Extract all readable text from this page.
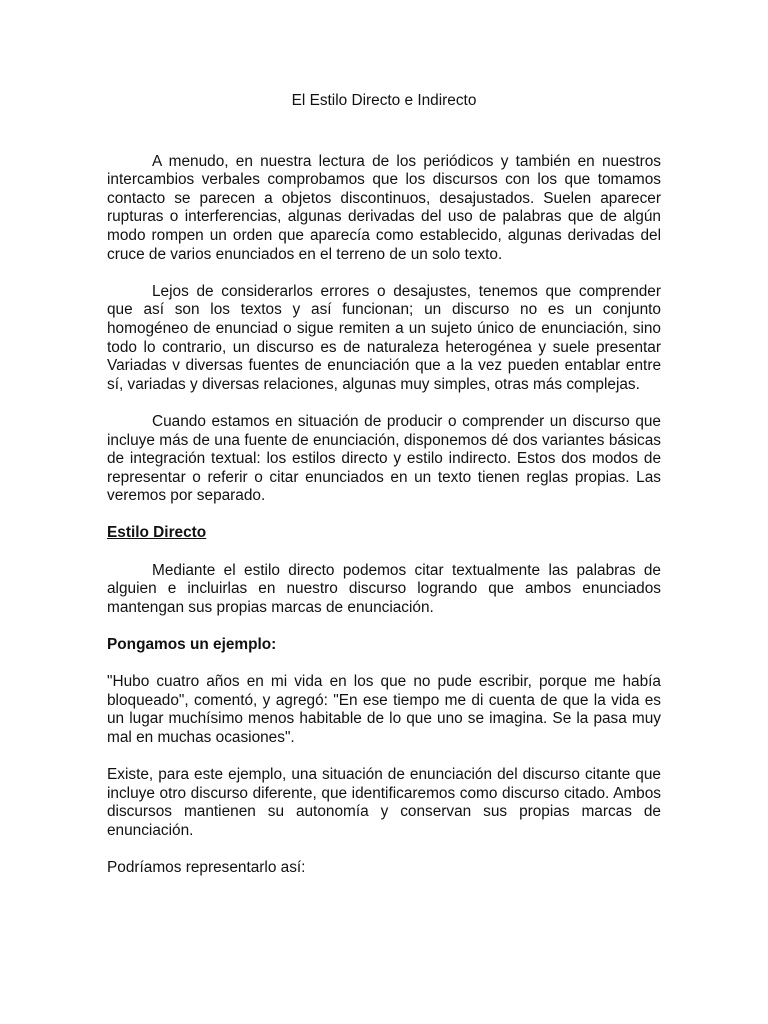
El Estilo Directo e Indirecto

A menudo, en nuestra lectura de los periódicos y también en nuestros intercambios verbales comprobamos que los discursos con los que tomamos contacto se parecen a objetos discontinuos, desajustados. Suelen aparecer rupturas o interferencias, algunas derivadas del uso de palabras que de algún modo rompen un orden que aparecía como establecido, algunas derivadas del cruce de varios enunciados en el terreno de un solo texto.

Lejos de considerarlos errores o desajustes, tenemos que comprender que así son los textos y así funcionan; un discurso no es un conjunto homogéneo de enunciad o sigue remiten a un sujeto único de enunciación, sino todo lo contrario, un discurso es de naturaleza heterogénea y suele presentar Variadas v diversas fuentes de enunciación que a la vez pueden entablar entre sí, variadas y diversas relaciones, algunas muy simples, otras más complejas.

Cuando estamos en situación de producir o comprender un discurso que incluye más de una fuente de enunciación, disponemos dé dos variantes básicas de integración textual: los estilos directo y estilo indirecto. Estos dos modos de representar o referir o citar enunciados en un texto tienen reglas propias. Las veremos por separado.

Estilo Directo

Mediante el estilo directo podemos citar textualmente las palabras de alguien e incluirlas en nuestro discurso logrando que ambos enunciados mantengan sus propias marcas de enunciación.

Pongamos un ejemplo:

"Hubo cuatro años en mi vida en los que no pude escribir, porque me había bloqueado", comentó, y agregó: "En ese tiempo me di cuenta de que la vida es un lugar muchísimo menos habitable de lo que uno se imagina. Se la pasa muy mal en muchas ocasiones".

Existe, para este ejemplo, una situación de enunciación del discurso citante que incluye otro discurso diferente, que identificaremos como discurso citado. Ambos discursos mantienen su autonomía y conservan sus propias marcas de enunciación.

Podríamos representarlo así:
